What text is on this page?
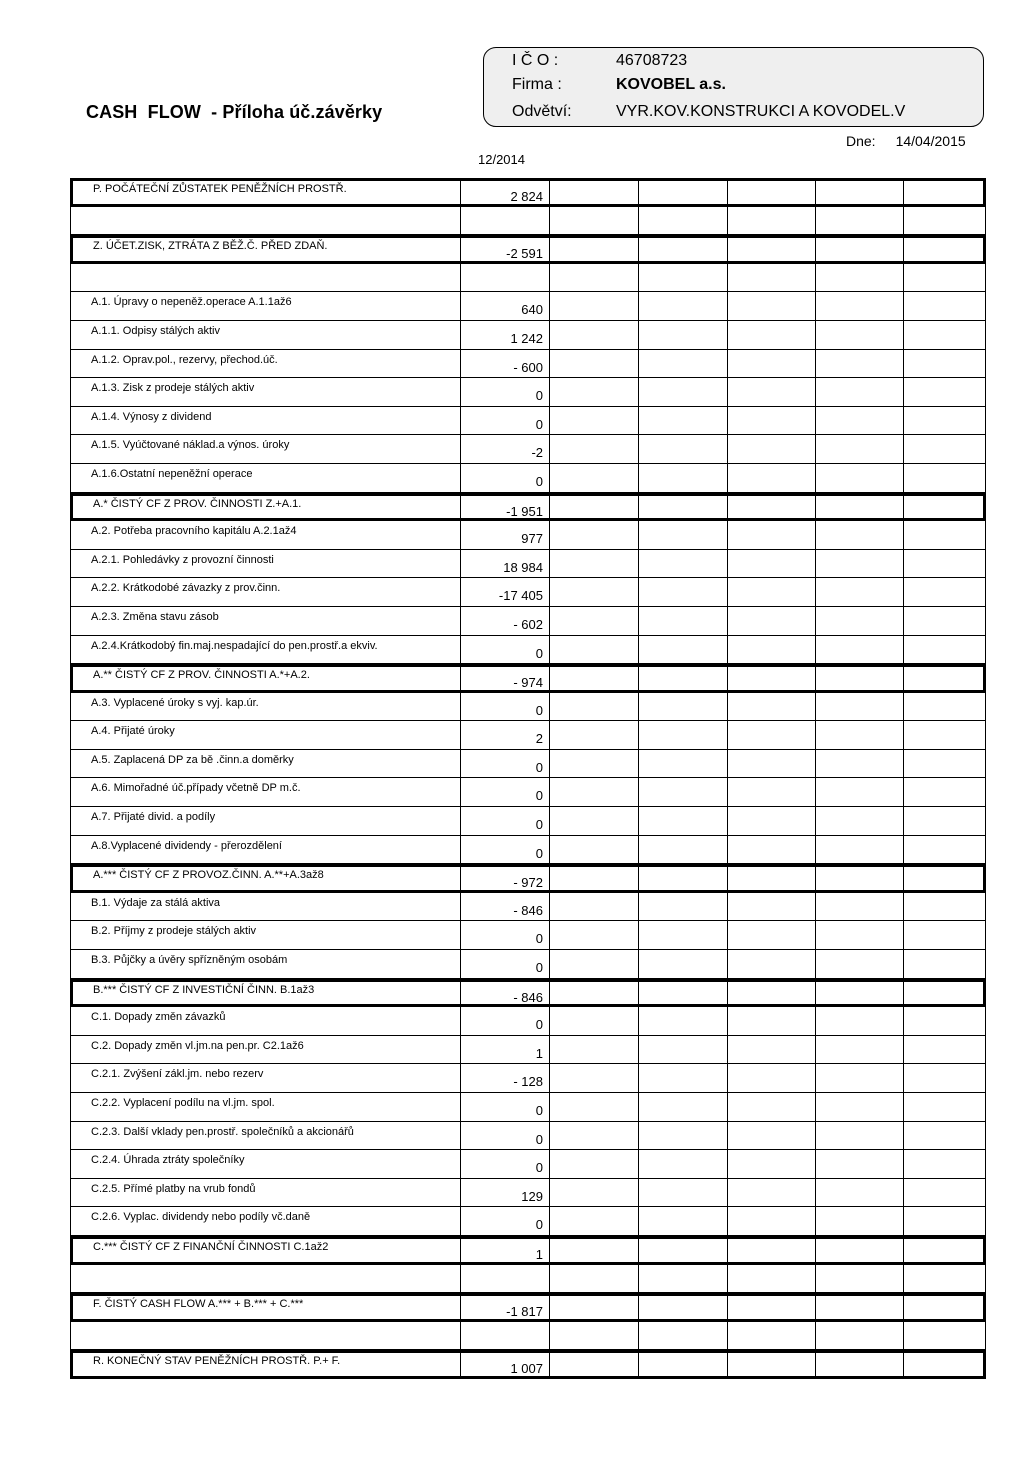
CASH  FLOW  - Příloha úč.závěrky
I Č O :	46708723
Firma :	KOVOBEL a.s.
Odvětví:	VYR.KOV.KONSTRUKCI A KOVODEL.V
Dne: 14/04/2015
12/2014
P. POČÁTEČNÍ ZŮSTATEK PENĚŽNÍCH PROSTŘ.	2 824
Z. ÚČET.ZISK, ZTRÁTA Z BĚŽ.Č. PŘED ZDAŇ.	-2 591
A.1. Úpravy o nepeněž.operace A.1.1až6	640
A.1.1. Odpisy stálých aktiv	1 242
A.1.2. Oprav.pol., rezervy, přechod.úč.	- 600
A.1.3. Zisk z prodeje stálých aktiv	0
A.1.4. Výnosy z dividend	0
A.1.5. Vyúčtované náklad.a výnos. úroky	-2
A.1.6.Ostatní nepeněžní operace	0
A.* ČISTÝ CF Z PROV. ČINNOSTI Z.+A.1.	-1 951
A.2. Potřeba pracovního kapitálu A.2.1až4	977
A.2.1. Pohledávky z provozní činnosti	18 984
A.2.2. Krátkodobé závazky z prov.činn.	-17 405
A.2.3. Změna stavu zásob	- 602
A.2.4.Krátkodobý fin.maj.nespadající do pen.prostř.a ekviv.	0
A.** ČISTÝ CF Z PROV. ČINNOSTI A.*+A.2.	- 974
A.3. Vyplacené úroky s vyj. kap.úr.	0
A.4. Přijaté úroky	2
A.5. Zaplacená DP za bě .činn.a doměrky	0
A.6. Mimořadné úč.případy včetně DP m.č.	0
A.7. Přijaté divid. a podíly	0
A.8.Vyplacené dividendy - přerozdělení	0
A.*** ČISTÝ CF Z PROVOZ.ČINN. A.**+A.3až8	- 972
B.1. Výdaje za stálá aktiva	- 846
B.2. Příjmy z prodeje stálých aktiv	0
B.3. Půjčky a úvěry spřízněným osobám	0
B.*** ČISTÝ CF Z INVESTIČNÍ ČINN. B.1až3	- 846
C.1. Dopady změn závazků	0
C.2. Dopady změn vl.jm.na pen.pr. C2.1až6	1
C.2.1. Zvýšení zákl.jm. nebo rezerv	- 128
C.2.2. Vyplacení podílu na vl.jm. spol.	0
C.2.3. Další vklady pen.prostř. společníků a akcionářů	0
C.2.4. Úhrada ztráty společníky	0
C.2.5. Přímé platby na vrub fondů	129
C.2.6. Vyplac. dividendy nebo podíly vč.daně	0
C.*** ČISTÝ CF Z FINANČNÍ ČINNOSTI C.1až2	1
F. ČISTÝ CASH FLOW A.*** + B.*** + C.***	-1 817
R. KONEČNÝ STAV PENĚŽNÍCH PROSTŘ. P.+ F.	1 007
